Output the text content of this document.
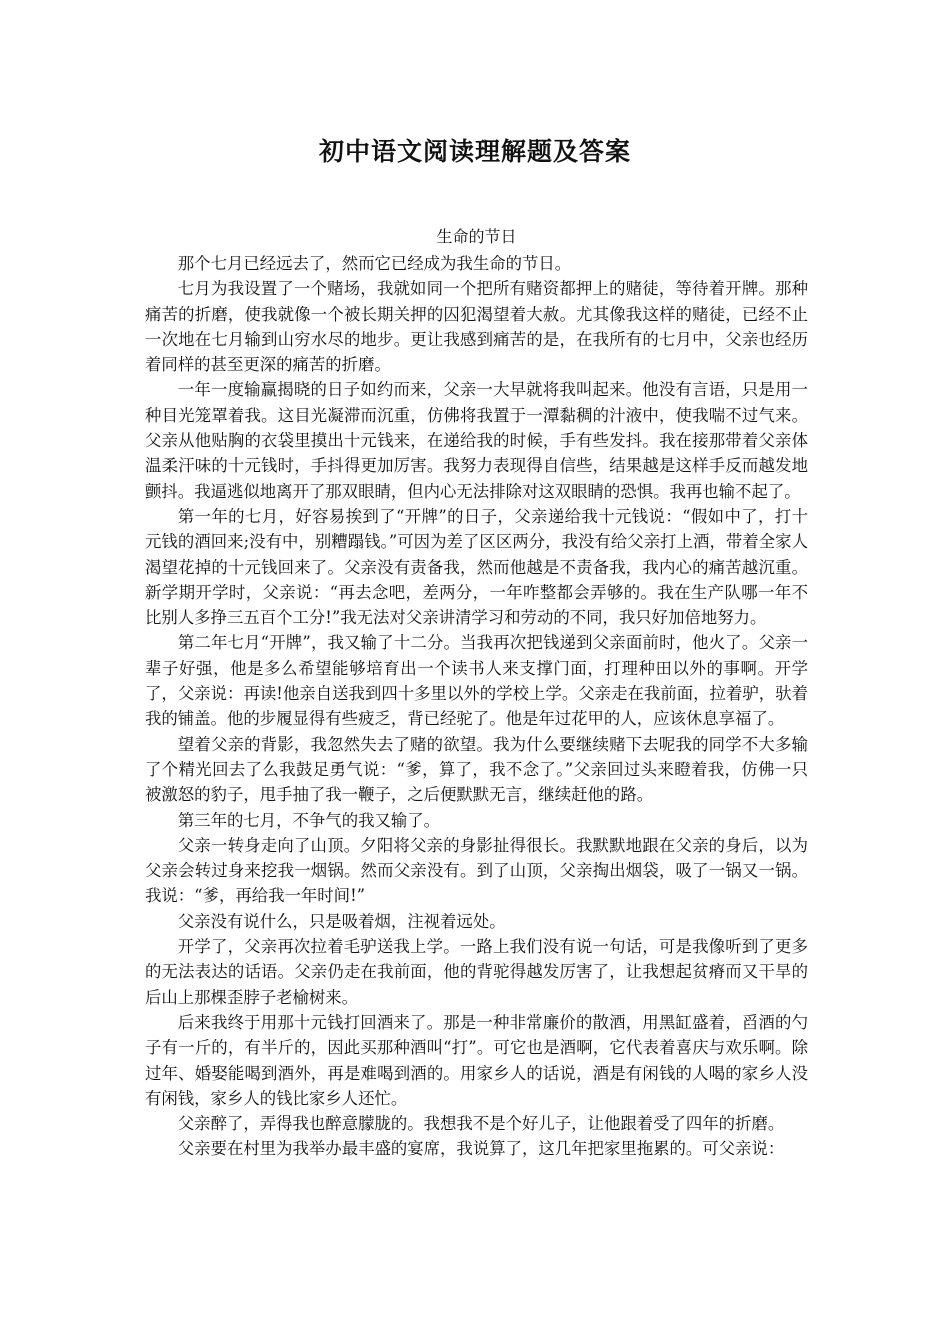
初中语文阅读理解题及答案

生命的节日

那个七月已经远去了，然而它已经成为我生命的节日。

七月为我设置了一个赌场，我就如同一个把所有赌资都押上的赌徒，等待着开牌。那种痛苦的折磨，使我就像一个被长期关押的囚犯渴望着大赦。尤其像我这样的赌徒，已经不止一次地在七月输到山穷水尽的地步。更让我感到痛苦的是，在我所有的七月中，父亲也经历着同样的甚至更深的痛苦的折磨。

一年一度输赢揭晓的日子如约而来，父亲一大早就将我叫起来。他没有言语，只是用一种目光笼罩着我。这目光凝滞而沉重，仿佛将我置于一潭黏稠的汁液中，使我喘不过气来。父亲从他贴胸的衣袋里摸出十元钱来，在递给我的时候，手有些发抖。我在接那带着父亲体温柔汗味的十元钱时，手抖得更加厉害。我努力表现得自信些，结果越是这样手反而越发地颤抖。我逼逃似地离开了那双眼睛，但内心无法排除对这双眼睛的恐惧。我再也输不起了。

第一年的七月，好容易挨到了“开牌”的日子，父亲递给我十元钱说：“假如中了，打十元钱的酒回来;没有中，别糟蹋钱。”可因为差了区区两分，我没有给父亲打上酒，带着全家人渴望花掉的十元钱回来了。父亲没有责备我，然而他越是不责备我，我内心的痛苦越沉重。新学期开学时，父亲说：“再去念吧，差两分，一年咋整都会弄够的。我在生产队哪一年不比别人多挣三五百个工分!”我无法对父亲讲清学习和劳动的不同，我只好加倍地努力。

第二年七月“开牌”，我又输了十二分。当我再次把钱递到父亲面前时，他火了。父亲一辈子好强，他是多么希望能够培育出一个读书人来支撑门面，打理种田以外的事啊。开学了，父亲说：再读!他亲自送我到四十多里以外的学校上学。父亲走在我前面，拉着驴，驮着我的铺盖。他的步履显得有些疲乏，背已经驼了。他是年过花甲的人，应该休息享福了。

望着父亲的背影，我忽然失去了赌的欲望。我为什么要继续赌下去呢我的同学不大多输了个精光回去了么我鼓足勇气说：“爹，算了，我不念了。”父亲回过头来瞪着我，仿佛一只被激怒的豹子，甩手抽了我一鞭子，之后便默默无言，继续赶他的路。

第三年的七月，不争气的我又输了。

父亲一转身走向了山顶。夕阳将父亲的身影扯得很长。我默默地跟在父亲的身后，以为父亲会转过身来挖我一烟锅。然而父亲没有。到了山顶，父亲掏出烟袋，吸了一锅又一锅。我说：“爹，再给我一年时间!”

父亲没有说什么，只是吸着烟，注视着远处。

开学了，父亲再次拉着毛驴送我上学。一路上我们没有说一句话，可是我像听到了更多的无法表达的话语。父亲仍走在我前面，他的背驼得越发厉害了，让我想起贫瘠而又干旱的后山上那棵歪脖子老榆树来。

后来我终于用那十元钱打回酒来了。那是一种非常廉价的散酒，用黑缸盛着，舀酒的勺子有一斤的，有半斤的，因此买那种酒叫“打”。可它也是酒啊，它代表着喜庆与欢乐啊。除过年、婚娶能喝到酒外，再是难喝到酒的。用家乡人的话说，酒是有闲钱的人喝的家乡人没有闲钱，家乡人的钱比家乡人还忙。

父亲醉了，弄得我也醉意朦胧的。我想我不是个好儿子，让他跟着受了四年的折磨。

父亲要在村里为我举办最丰盛的宴席，我说算了，这几年把家里拖累的。可父亲说：
